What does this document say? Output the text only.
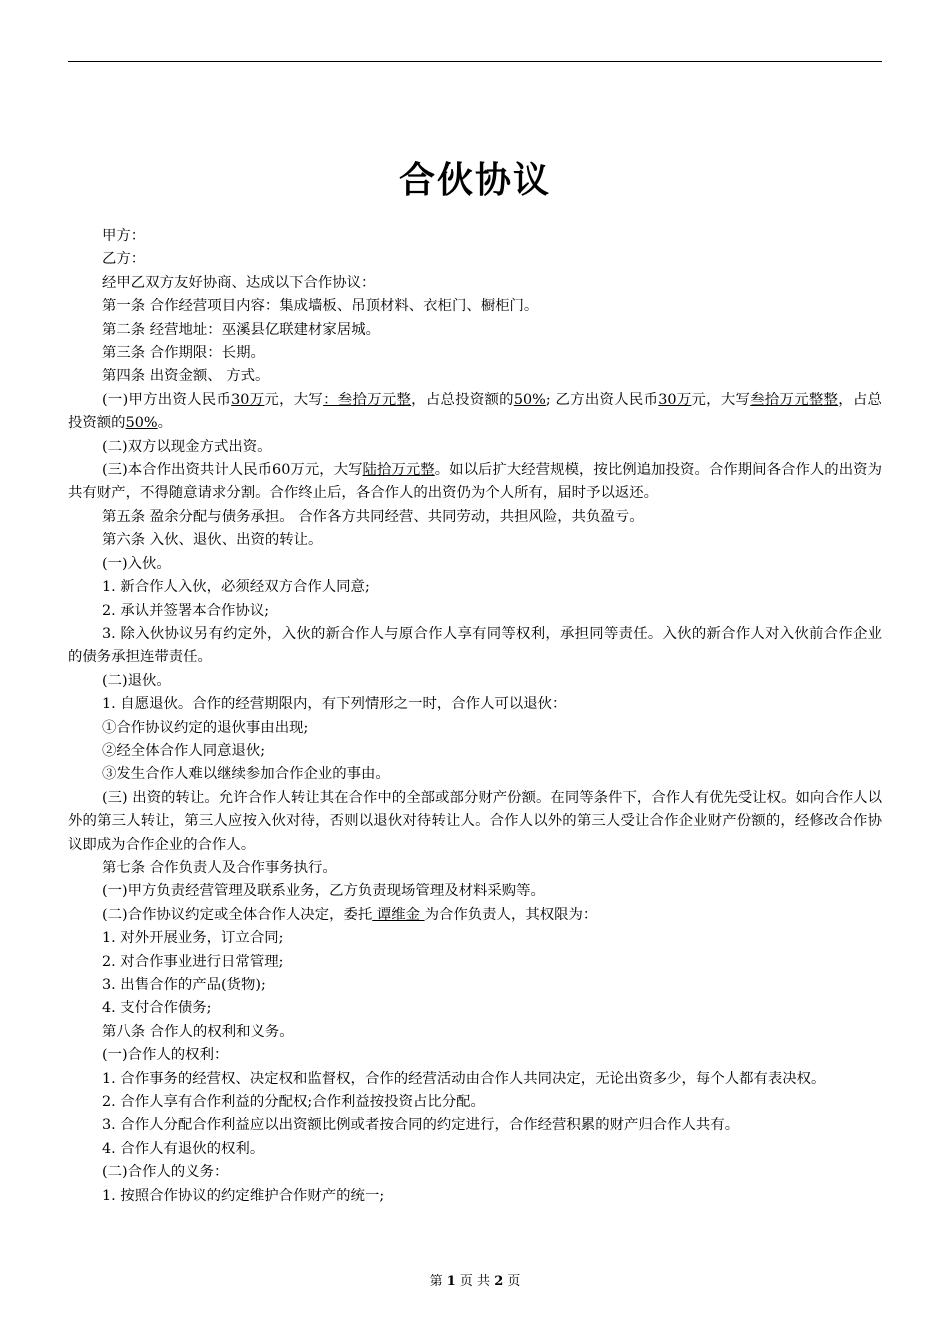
合伙协议

甲方：

乙方：

经甲乙双方友好协商、达成以下合作协议：

第一条 合作经营项目内容：集成墙板、吊顶材料、衣柜门、橱柜门。

第二条 经营地址：巫溪县亿联建材家居城。

第三条 合作期限：长期。

第四条 出资金额、 方式。

(一)甲方出资人民币30万元，大写：叁拾万元整，占总投资额的50%; 乙方出资人民币30万元，大写叁拾万元整整，占总投资额的50%。

(二)双方以现金方式出资。

(三)本合作出资共计人民币60万元，大写陆拾万元整。如以后扩大经营规模，按比例追加投资。合作期间各合作人的出资为共有财产，不得随意请求分割。合作终止后，各合作人的出资仍为个人所有，届时予以返还。

第五条 盈余分配与债务承担。 合作各方共同经营、共同劳动，共担风险，共负盈亏。

第六条 入伙、退伙、出资的转让。

(一)入伙。

1. 新合作人入伙，必须经双方合作人同意;

2. 承认并签署本合作协议;

3. 除入伙协议另有约定外，入伙的新合作人与原合作人享有同等权利，承担同等责任。入伙的新合作人对入伙前合作企业的债务承担连带责任。

(二)退伙。

1. 自愿退伙。合作的经营期限内，有下列情形之一时，合作人可以退伙：

①合作协议约定的退伙事由出现;

②经全体合作人同意退伙;

③发生合作人难以继续参加合作企业的事由。

(三) 出资的转让。允许合作人转让其在合作中的全部或部分财产份额。在同等条件下，合作人有优先受让权。如向合作人以外的第三人转让，第三人应按入伙对待，否则以退伙对待转让人。合作人以外的第三人受让合作企业财产份额的，经修改合作协议即成为合作企业的合作人。

第七条 合作负责人及合作事务执行。

(一)甲方负责经营管理及联系业务，乙方负责现场管理及材料采购等。

(二)合作协议约定或全体合作人决定，委托 谭维金 为合作负责人，其权限为：

1. 对外开展业务，订立合同;

2. 对合作事业进行日常管理;

3. 出售合作的产品(货物);

4. 支付合作债务;

第八条 合作人的权利和义务。

(一)合作人的权利：

1. 合作事务的经营权、决定权和监督权，合作的经营活动由合作人共同决定，无论出资多少，每个人都有表决权。

2. 合作人享有合作利益的分配权;合作利益按投资占比分配。

3. 合作人分配合作利益应以出资额比例或者按合同的约定进行，合作经营积累的财产归合作人共有。

4. 合作人有退伙的权利。

(二)合作人的义务：

1. 按照合作协议的约定维护合作财产的统一;

第 1 页 共 2 页
